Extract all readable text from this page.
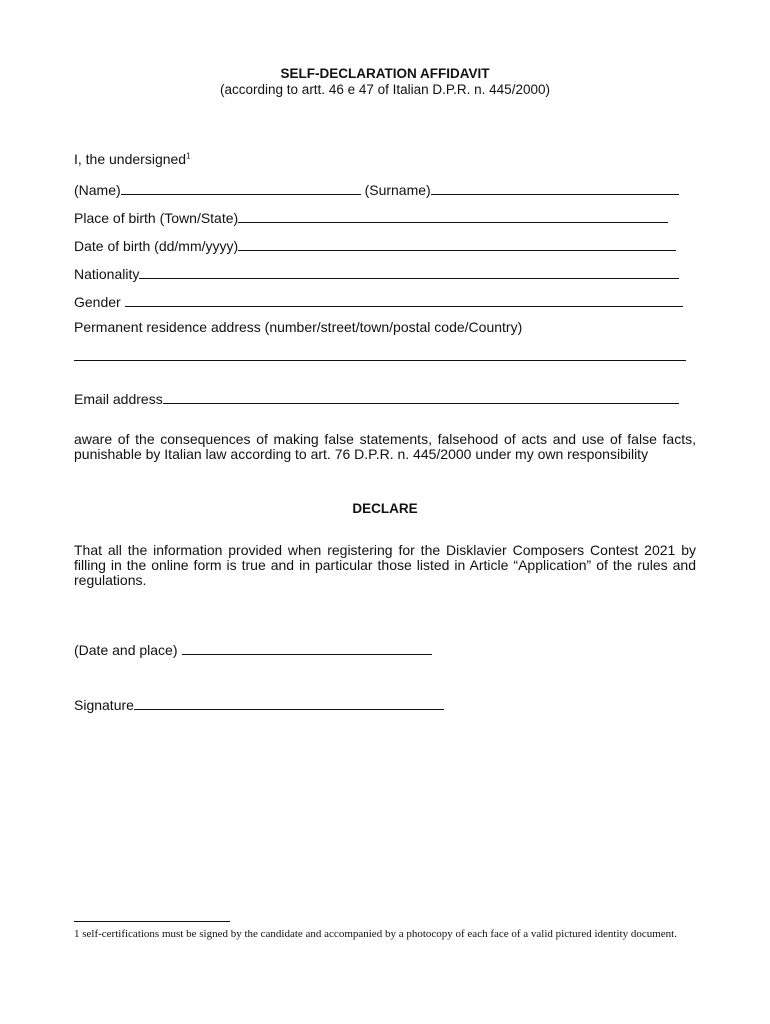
SELF-DECLARATION AFFIDAVIT
(according to artt. 46 e 47 of Italian D.P.R. n. 445/2000)
I, the undersigned$^1$
(Name)	(Surname)
Place of birth (Town/State)
Date of birth (dd/mm/yyyy)
Nationality
Gender
Permanent residence address (number/street/town/postal code/Country)
Email address
aware of the consequences of making false statements, falsehood of acts and use of false facts, punishable by Italian law according to art. 76 D.P.R. n. 445/2000 under my own responsibility
DECLARE
That all the information provided when registering for the Disklavier Composers Contest 2021 by filling in the online form is true and in particular those listed in Article “Application” of the rules and regulations.
(Date and place)
Signature
1 self-certifications must be signed by the candidate and accompanied by a photocopy of each face of a valid pictured identity document.
